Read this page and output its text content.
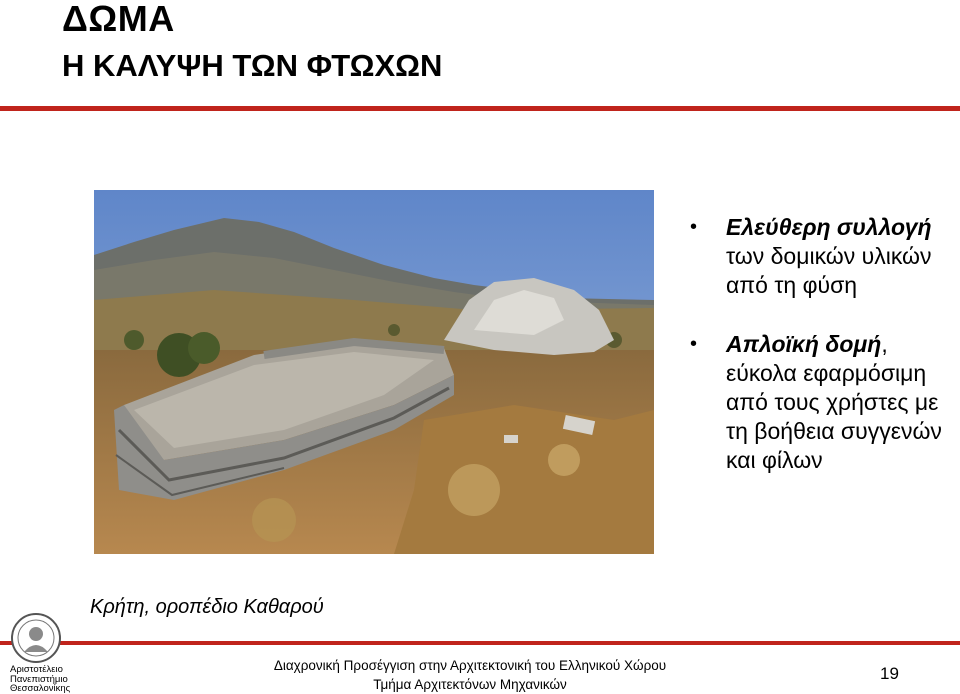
ΔΩΜΑ
Η ΚΑΛΥΨΗ ΤΩΝ ΦΤΩΧΩΝ
Κρήτη, οροπέδιο Καθαρού
• Ελεύθερη συλλογή των δομικών υλικών από τη φύση
• Απλοϊκή δομή, εύκολα εφαρμόσιμη από τους χρήστες με τη βοήθεια συγγενών και φίλων
Αριστοτέλειο
Πανεπιστήμιο
Θεσσαλονίκης
Διαχρονική Προσέγγιση στην Αρχιτεκτονική του Ελληνικού Χώρου
Τμήμα Αρχιτεκτόνων Μηχανικών
19
